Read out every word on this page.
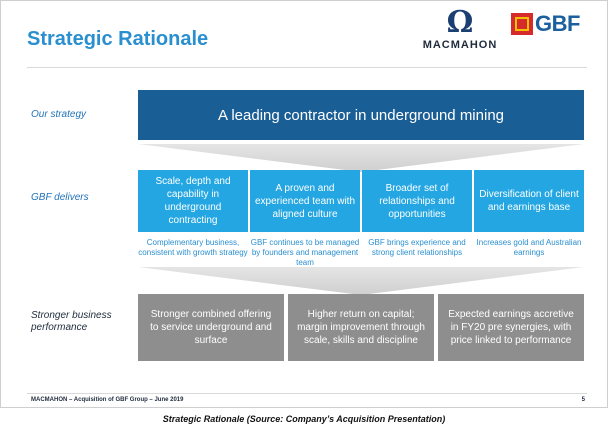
Strategic Rationale	Ω
MACMAHON
GBF
Our strategy	A leading contractor in underground mining
GBF delivers
Scale, depth and capability in underground contracting
A proven and experienced team with aligned culture
Broader set of relationships and opportunities
Diversification of client and earnings base
Complementary business, consistent with growth strategy
GBF continues to be managed by founders and management team
GBF brings experience and strong client relationships
Increases gold and Australian earnings
Stronger business
performance
Stronger combined offering to service underground and surface
Higher return on capital; margin improvement through scale, skills and discipline
Expected earnings accretive in FY20 pre synergies, with price linked to performance
MACMAHON – Acquisition of GBF Group – June 2019	5
Strategic Rationale (Source: Company’s Acquisition Presentation)
